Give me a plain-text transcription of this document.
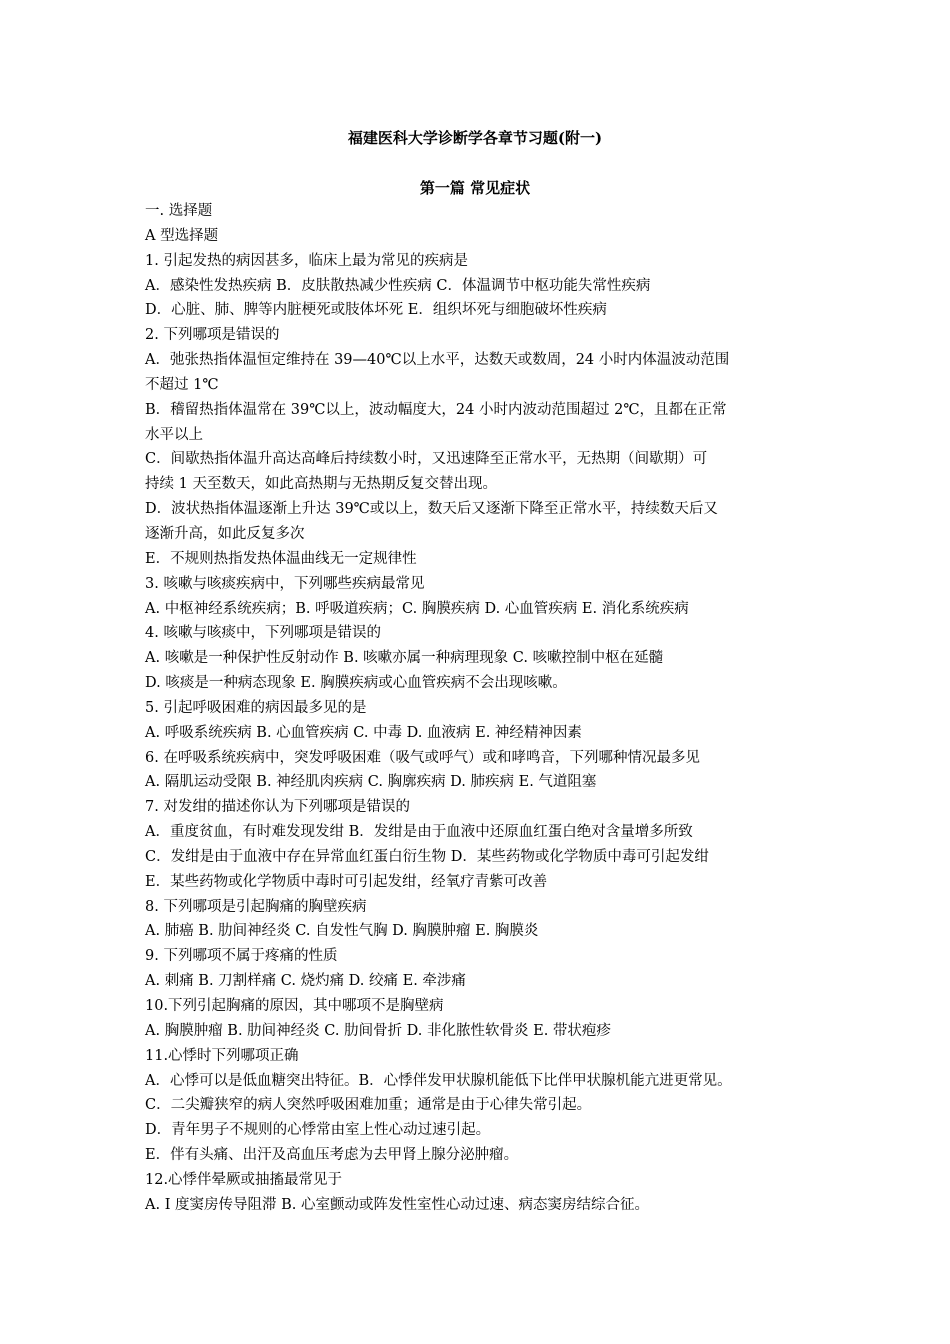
福建医科大学诊断学各章节习题(附一)
第一篇 常见症状

一. 选择题

A 型选择题

1. 引起发热的病因甚多，临床上最为常见的疾病是

A．感染性发热疾病 B．皮肤散热减少性疾病 C．体温调节中枢功能失常性疾病

D．心脏、肺、脾等内脏梗死或肢体坏死 E．组织坏死与细胞破坏性疾病

2. 下列哪项是错误的

A．弛张热指体温恒定维持在 39—40℃以上水平，达数天或数周，24 小时内体温波动范围

不超过 1℃

B．稽留热指体温常在 39℃以上，波动幅度大，24 小时内波动范围超过 2℃，且都在正常

水平以上

C．间歇热指体温升高达高峰后持续数小时，又迅速降至正常水平，无热期（间歇期）可

持续 1 天至数天，如此高热期与无热期反复交替出现。

D．波状热指体温逐渐上升达 39℃或以上，数天后又逐渐下降至正常水平，持续数天后又

逐渐升高，如此反复多次

E．不规则热指发热体温曲线无一定规律性

3. 咳嗽与咳痰疾病中，下列哪些疾病最常见

A. 中枢神经系统疾病；B. 呼吸道疾病；C. 胸膜疾病 D. 心血管疾病 E. 消化系统疾病

4. 咳嗽与咳痰中，下列哪项是错误的

A. 咳嗽是一种保护性反射动作 B. 咳嗽亦属一种病理现象 C. 咳嗽控制中枢在延髓

D. 咳痰是一种病态现象 E. 胸膜疾病或心血管疾病不会出现咳嗽。

5. 引起呼吸困难的病因最多见的是

A. 呼吸系统疾病 B. 心血管疾病 C. 中毒 D. 血液病 E. 神经精神因素

6. 在呼吸系统疾病中，突发呼吸困难（吸气或呼气）或和哮鸣音，下列哪种情况最多见

A. 隔肌运动受限 B. 神经肌肉疾病 C. 胸廓疾病 D. 肺疾病 E. 气道阻塞

7. 对发绀的描述你认为下列哪项是错误的

A．重度贫血，有时难发现发绀 B．发绀是由于血液中还原血红蛋白绝对含量增多所致

C．发绀是由于血液中存在异常血红蛋白衍生物 D．某些药物或化学物质中毒可引起发绀

E．某些药物或化学物质中毒时可引起发绀，经氧疗青紫可改善

8. 下列哪项是引起胸痛的胸壁疾病

A. 肺癌 B. 肋间神经炎 C. 自发性气胸 D. 胸膜肿瘤 E. 胸膜炎

9. 下列哪项不属于疼痛的性质

A. 刺痛 B. 刀割样痛 C. 烧灼痛 D. 绞痛 E. 牵涉痛

10.下列引起胸痛的原因，其中哪项不是胸壁病

A. 胸膜肿瘤 B. 肋间神经炎 C. 肋间骨折 D. 非化脓性软骨炎 E. 带状疱疹

11.心悸时下列哪项正确

A．心悸可以是低血糖突出特征。B．心悸伴发甲状腺机能低下比伴甲状腺机能亢进更常见。

C．二尖瓣狭窄的病人突然呼吸困难加重；通常是由于心律失常引起。

D．青年男子不规则的心悸常由室上性心动过速引起。

E．伴有头痛、出汗及高血压考虑为去甲肾上腺分泌肿瘤。

12.心悸伴晕厥或抽搐最常见于

A. I 度窦房传导阻滞 B. 心室颤动或阵发性室性心动过速、病态窦房结综合征。
